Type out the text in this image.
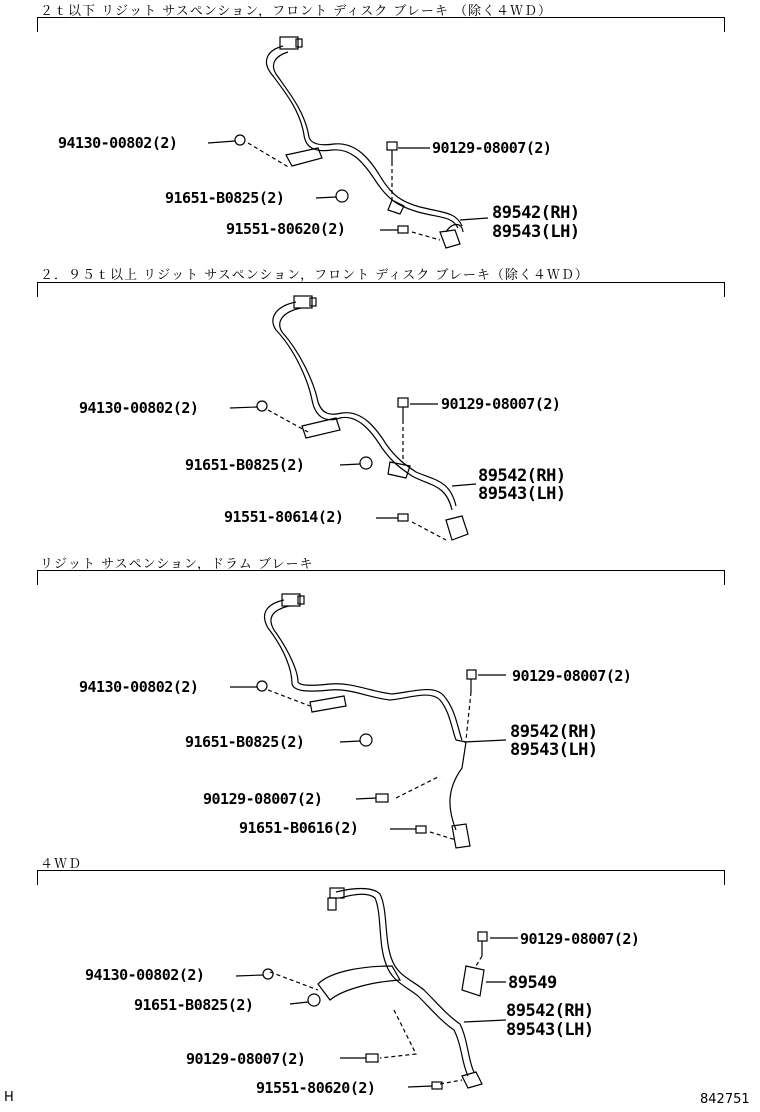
２ｔ以下 リジット サスペンション，フロント ディスク ブレーキ （除く４ＷＤ）
２．９５ｔ以上 リジット サスペンション，フロント ディスク ブレーキ（除く４ＷＤ）
リジット サスペンション，ドラム ブレーキ
４ＷＤ
94130-00802(2)	90129-08007(2)
91651-B0825(2)
91551-80620(2)
89542(RH)
89543(LH)
94130-00802(2)	90129-08007(2)
91651-B0825(2)
91551-80614(2)
89542(RH)
89543(LH)
94130-00802(2)
90129-08007(2)
91651-B0825(2)
90129-08007(2)
89542(RH)
89543(LH)
91651-B0616(2)
94130-00802(2)
90129-08007(2)
91651-B0825(2)
90129-08007(2)
89542(RH)
89543(LH)
91551-80620(2)
89549
H	842751
